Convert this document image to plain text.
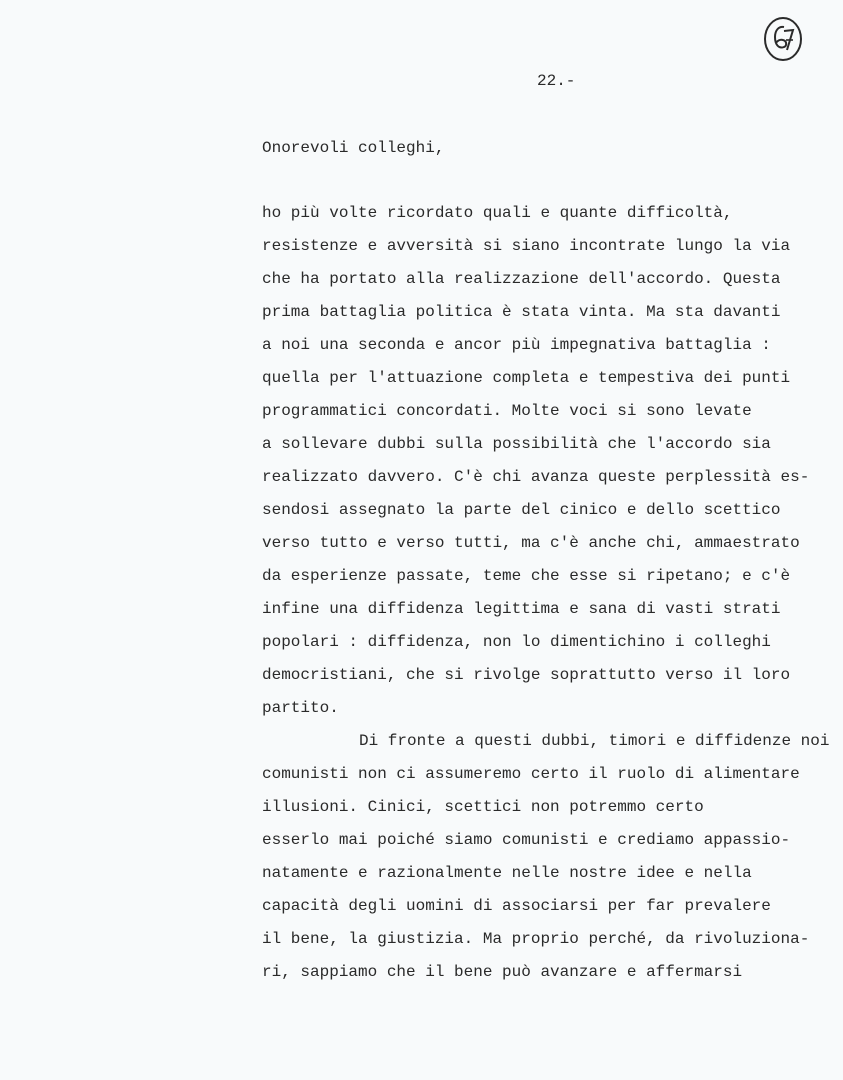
22.-
Onorevoli colleghi,
ho più volte ricordato quali e quante difficoltà,
resistenze e avversità si siano incontrate lungo la via
che ha portato alla realizzazione dell'accordo. Questa
prima battaglia politica è stata vinta. Ma sta davanti
a noi una seconda e ancor più impegnativa battaglia :
quella per l'attuazione completa e tempestiva dei punti
programmatici concordati. Molte voci si sono levate
a sollevare dubbi sulla possibilità che l'accordo sia
realizzato davvero. C'è chi avanza queste perplessità es-
sendosi assegnato la parte del cinico e dello scettico
verso tutto e verso tutti, ma c'è anche chi, ammaestrato
da esperienze passate, teme che esse si ripetano; e c'è
infine una diffidenza legittima e sana di vasti strati
popolari : diffidenza, non lo dimentichino i colleghi
democristiani, che si rivolge soprattutto verso il loro
partito.
Di fronte a questi dubbi, timori e diffidenze noi
comunisti non ci assumeremo certo il ruolo di alimentare
illusioni. Cinici, scettici non potremmo certo
esserlo mai poiché siamo comunisti e crediamo appassio-
natamente e razionalmente nelle nostre idee e nella
capacità degli uomini di associarsi per far prevalere
il bene, la giustizia. Ma proprio perché, da rivoluziona-
ri, sappiamo che il bene può avanzare e affermarsi
